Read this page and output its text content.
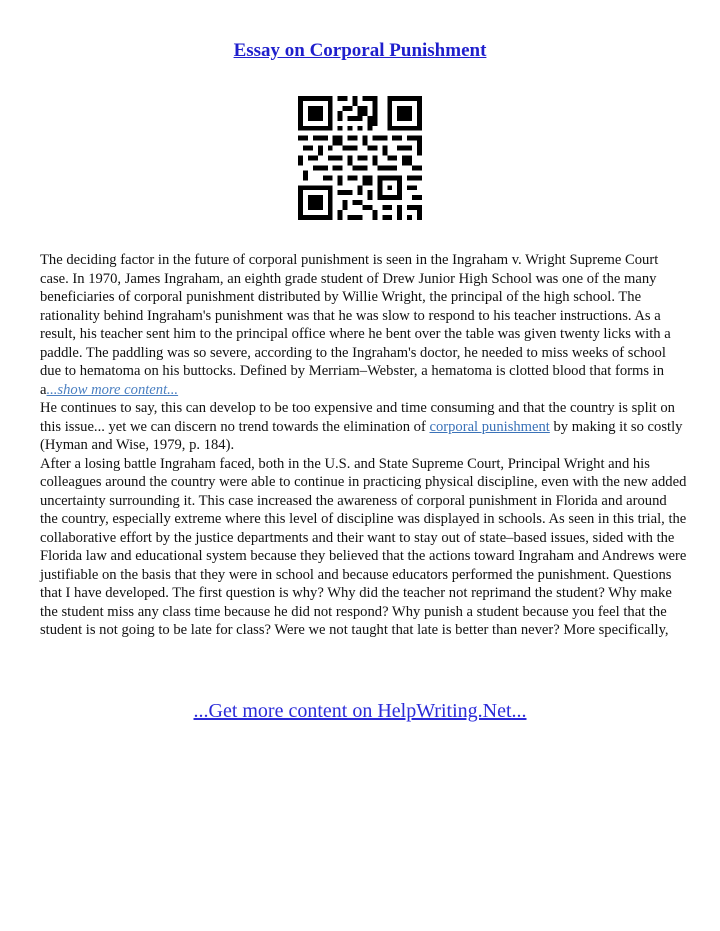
Essay on Corporal Punishment

The deciding factor in the future of corporal punishment is seen in the Ingraham v. Wright Supreme Court case. In 1970, James Ingraham, an eighth grade student of Drew Junior High School was one of the many beneficiaries of corporal punishment distributed by Willie Wright, the principal of the high school. The rationality behind Ingraham's punishment was that he was slow to respond to his teacher instructions. As a result, his teacher sent him to the principal office where he bent over the table was given twenty licks with a paddle. The paddling was so severe, according to the Ingraham's doctor, he needed to miss weeks of school due to hematoma on his buttocks. Defined by Merriam–Webster, a hematoma is clotted blood that forms in a...show more content...

He continues to say, this can develop to be too expensive and time consuming and that the country is split on this issue... yet we can discern no trend towards the elimination of corporal punishment by making it so costly (Hyman and Wise, 1979, p. 184).

After a losing battle Ingraham faced, both in the U.S. and State Supreme Court, Principal Wright and his colleagues around the country were able to continue in practicing physical discipline, even with the new added uncertainty surrounding it. This case increased the awareness of corporal punishment in Florida and around the country, especially extreme where this level of discipline was displayed in schools. As seen in this trial, the collaborative effort by the justice departments and their want to stay out of state–based issues, sided with the Florida law and educational system because they believed that the actions toward Ingraham and Andrews were justifiable on the basis that they were in school and because educators performed the punishment. Questions that I have developed. The first question is why? Why did the teacher not reprimand the student? Why make the student miss any class time because he did not respond? Why punish a student because you feel that the student is not going to be late for class? Were we not taught that late is better than never? More specifically,

...Get more content on HelpWriting.Net...
